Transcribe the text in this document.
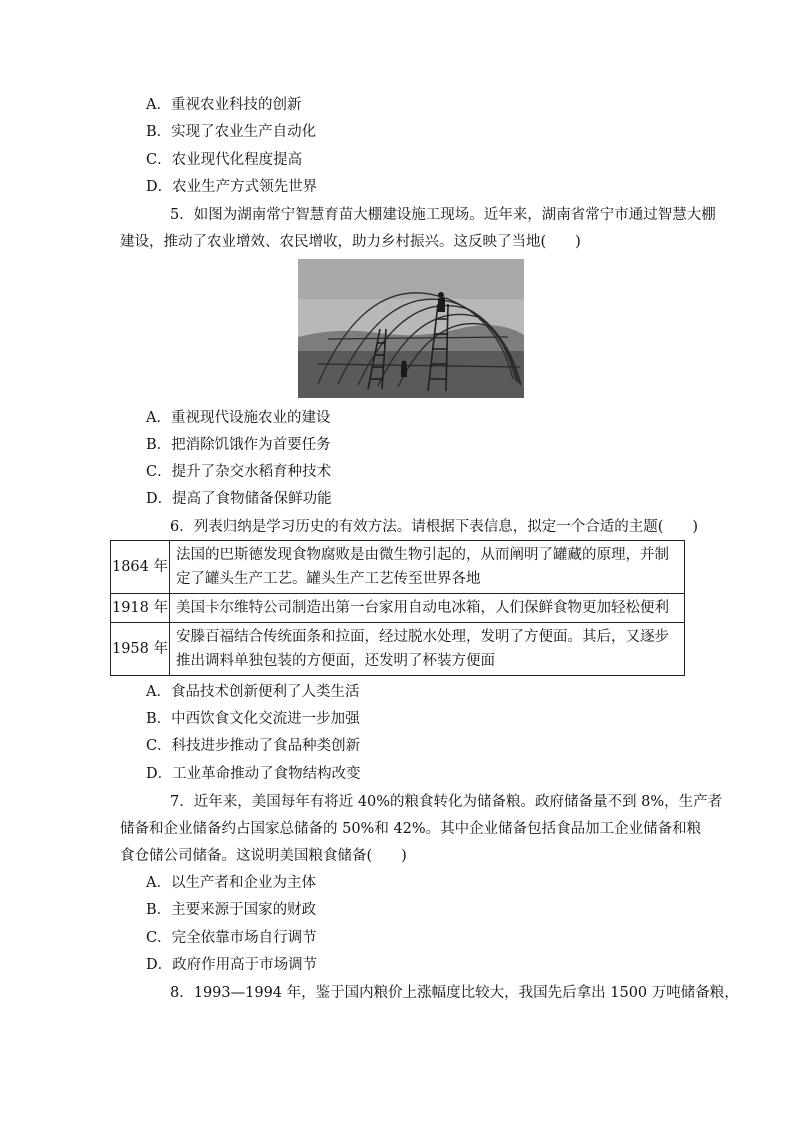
A．重视农业科技的创新
B．实现了农业生产自动化
C．农业现代化程度提高
D．农业生产方式领先世界
5．如图为湖南常宁智慧育苗大棚建设施工现场。近年来，湖南省常宁市通过智慧大棚
建设，推动了农业增效、农民增收，助力乡村振兴。这反映了当地(　　)
A．重视现代设施农业的建设
B．把消除饥饿作为首要任务
C．提升了杂交水稻育种技术
D．提高了食物储备保鲜功能
6．列表归纳是学习历史的有效方法。请根据下表信息，拟定一个合适的主题(　　)
1864 年	法国的巴斯德发现食物腐败是由微生物引起的，从而阐明了罐藏的原理，并制定了罐头生产工艺。罐头生产工艺传至世界各地
1918 年	美国卡尔维特公司制造出第一台家用自动电冰箱，人们保鲜食物更加轻松便利
1958 年	安滕百福结合传统面条和拉面，经过脱水处理，发明了方便面。其后，又逐步推出调料单独包装的方便面，还发明了杯装方便面
A．食品技术创新便利了人类生活
B．中西饮食文化交流进一步加强
C．科技进步推动了食品种类创新
D．工业革命推动了食物结构改变
7．近年来，美国每年有将近 40%的粮食转化为储备粮。政府储备量不到 8%，生产者
储备和企业储备约占国家总储备的 50%和 42%。其中企业储备包括食品加工企业储备和粮
食仓储公司储备。这说明美国粮食储备(　　)
A．以生产者和企业为主体
B．主要来源于国家的财政
C．完全依靠市场自行调节
D．政府作用高于市场调节
8．1993—1994 年，鉴于国内粮价上涨幅度比较大，我国先后拿出 1500 万吨储备粮，
